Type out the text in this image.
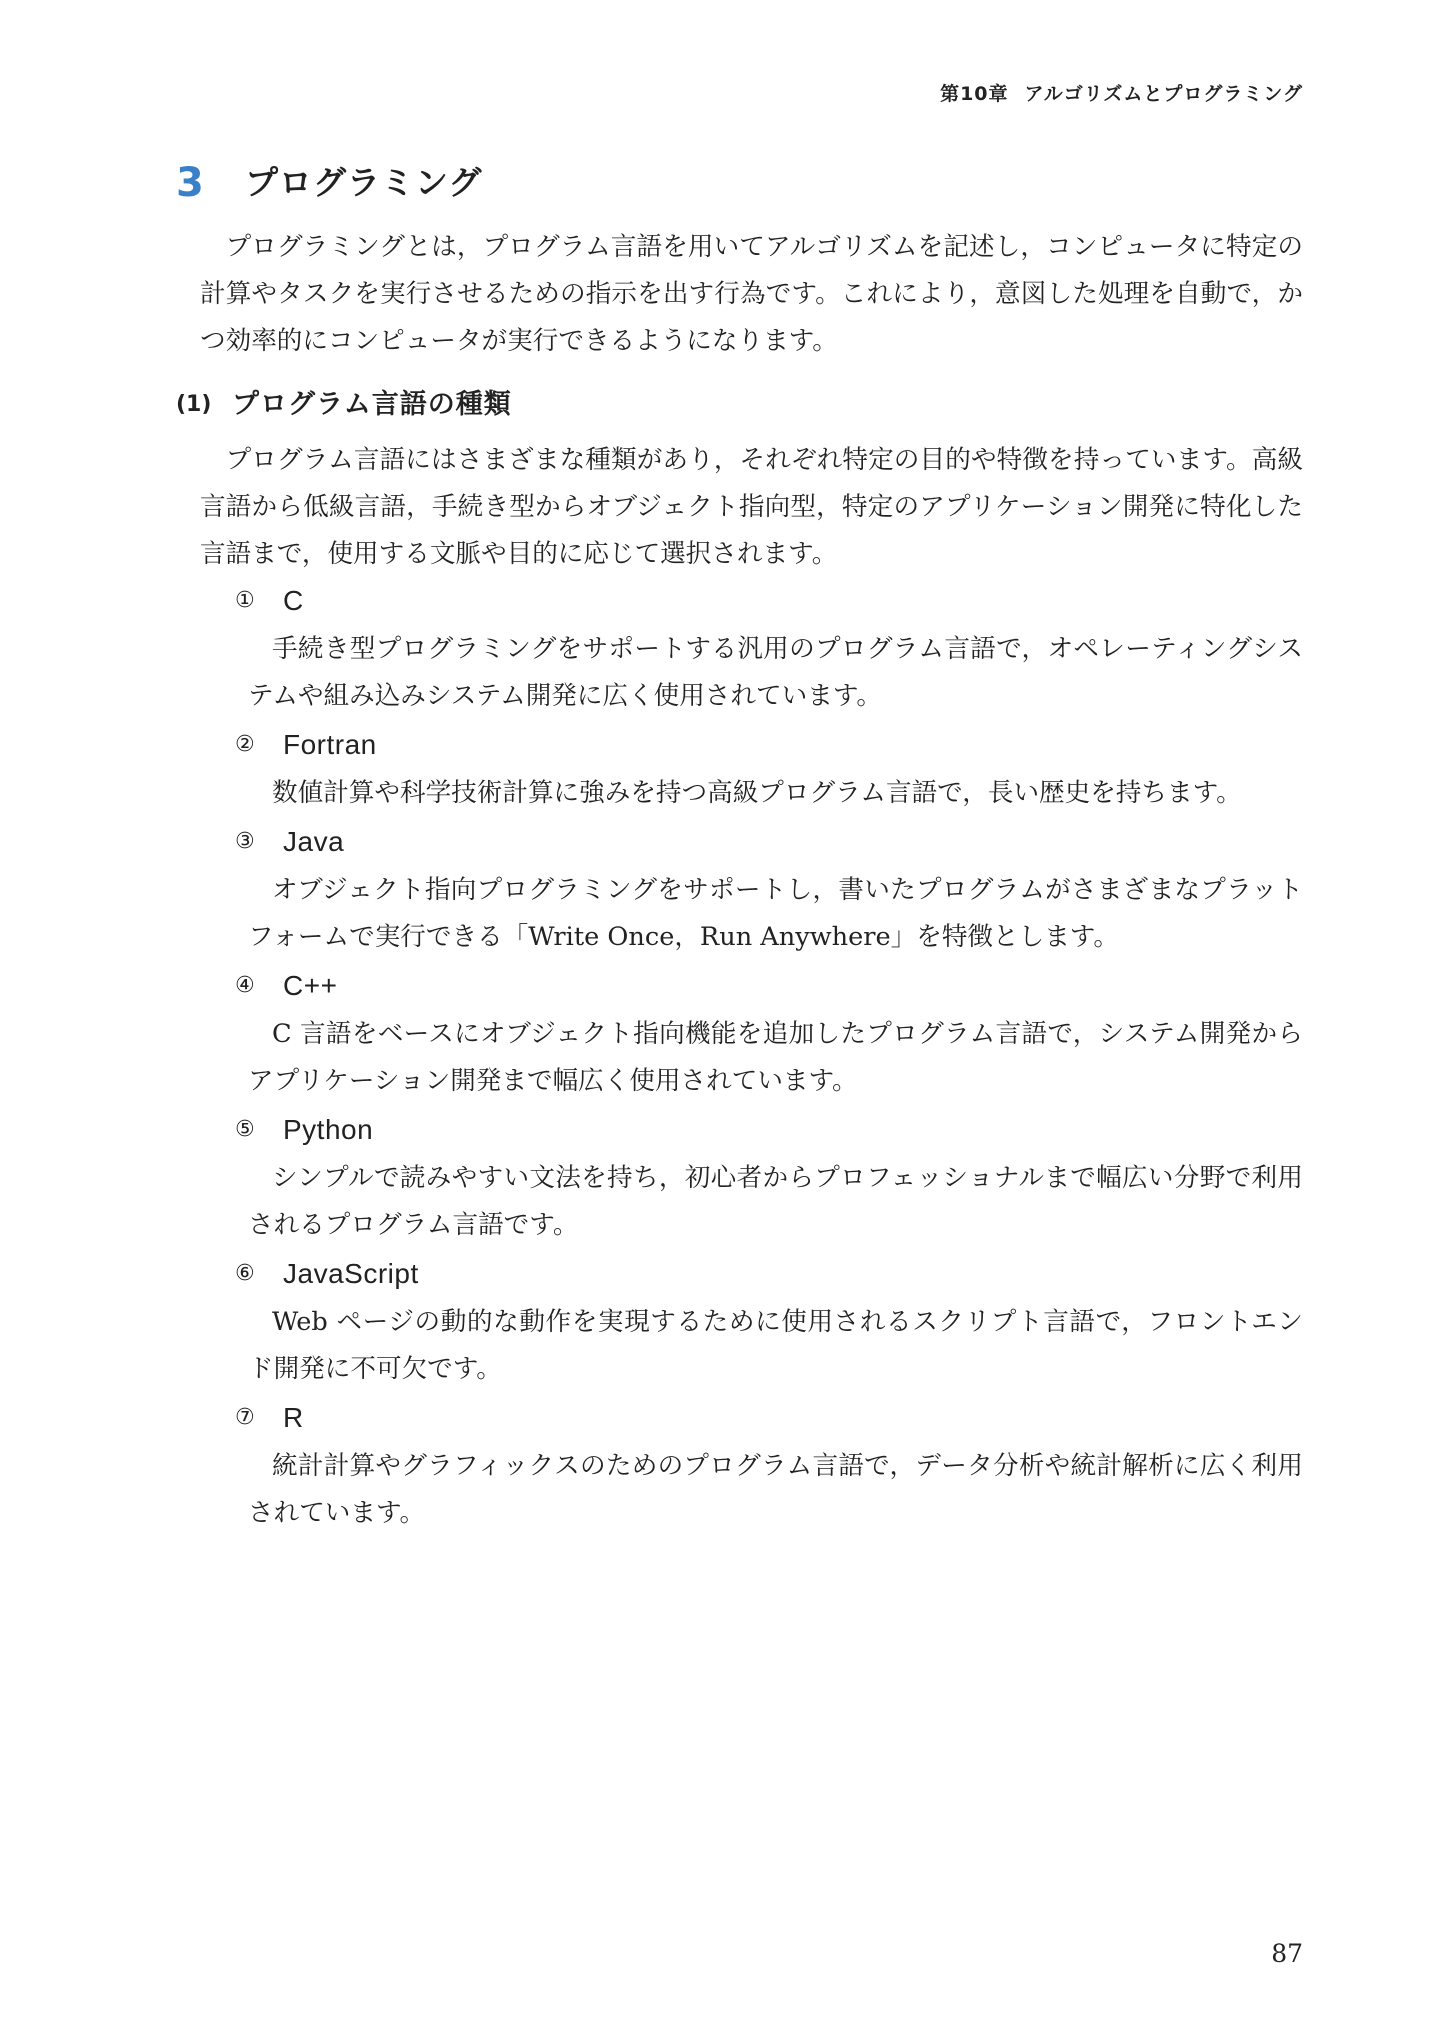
第10章 アルゴリズムとプログラミング
3	プログラミング

プログラミングとは，プログラム言語を用いてアルゴリズムを記述し，コンピュータに特定の計算やタスクを実行させるための指示を出す行為です。これにより，意図した処理を自動で，かつ効率的にコンピュータが実行できるようになります。

(1) プログラム言語の種類

プログラム言語にはさまざまな種類があり，それぞれ特定の目的や特徴を持っています。高級言語から低級言語，手続き型からオブジェクト指向型，特定のアプリケーション開発に特化した言語まで，使用する文脈や目的に応じて選択されます。

①	C

手続き型プログラミングをサポートする汎用のプログラム言語で，オペレーティングシステムや組み込みシステム開発に広く使用されています。

②	Fortran

数値計算や科学技術計算に強みを持つ高級プログラム言語で，長い歴史を持ちます。

③	Java

オブジェクト指向プログラミングをサポートし，書いたプログラムがさまざまなプラットフォームで実行できる「Write Once，Run Anywhere」を特徴とします。

④	C++

C 言語をベースにオブジェクト指向機能を追加したプログラム言語で，システム開発からアプリケーション開発まで幅広く使用されています。

⑤	Python

シンプルで読みやすい文法を持ち，初心者からプロフェッショナルまで幅広い分野で利用されるプログラム言語です。

⑥	JavaScript

Web ページの動的な動作を実現するために使用されるスクリプト言語で，フロントエンド開発に不可欠です。

⑦	R

統計計算やグラフィックスのためのプログラム言語で，データ分析や統計解析に広く利用されています。

87
